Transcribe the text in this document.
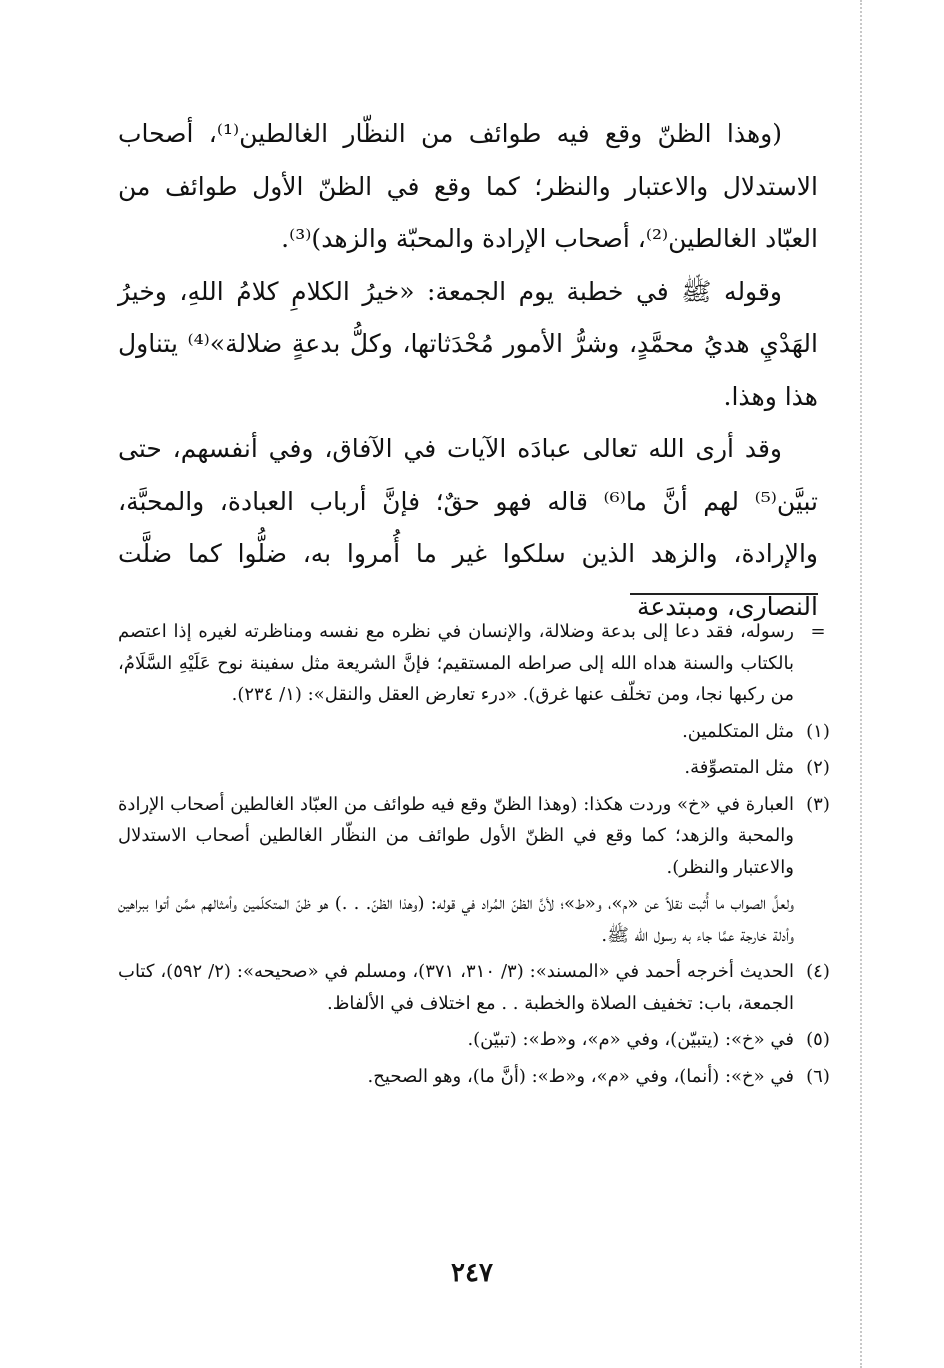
(وهذا الظنّ وقع فيه طوائف من النظّار الغالطين⁽¹⁾، أصحاب الاستدلال والاعتبار والنظر؛ كما وقع في الظنّ الأول طوائف من العبّاد الغالطين⁽²⁾، أصحاب الإرادة والمحبّة والزهد)⁽³⁾.

وقوله ﷺ في خطبة يوم الجمعة: «خيرُ الكلامِ كلامُ اللهِ، وخيرُ الهَدْيِ هديُ محمَّدٍ، وشرُّ الأمور مُحْدَثاتها، وكلُّ بدعةٍ ضلالة»⁽⁴⁾ يتناول هذا وهذا.

وقد أرى الله تعالى عبادَه الآيات في الآفاق، وفي أنفسهم، حتى تبيَّن⁽⁵⁾ لهم أنَّ ما⁽⁶⁾ قاله فهو حقٌ؛ فإنَّ أرباب العبادة، والمحبَّة، والإرادة، والزهد الذين سلكوا غير ما أُمروا به، ضلُّوا كما ضلَّت النصارى، ومبتدعة

=
رسوله، فقد دعا إلى بدعة وضلالة، والإنسان في نظره مع نفسه ومناظرته لغيره إذا اعتصم بالكتاب والسنة هداه الله إلى صراطه المستقيم؛ فإنَّ الشريعة مثل سفينة نوح عَلَيْهِ السَّلَامُ، من ركبها نجا، ومن تخلّف عنها غرق). «درء تعارض العقل والنقل»: (١/ ٢٣٤).
(١)
مثل المتكلمين.
(٢)
مثل المتصوِّفة.
(٣)
العبارة في «خ» وردت هكذا: (وهذا الظنّ وقع فيه طوائف من العبّاد الغالطين أصحاب الإرادة والمحبة والزهد؛ كما وقع في الظنّ الأول طوائف من النظّار الغالطين أصحاب الاستدلال والاعتبار والنظر).
ولعلَّ الصواب ما أُثبت نقلاً عن «م»، و«ط»؛ لأنَّ الظنّ المُراد في قوله: (وهذا الظنّ. . .) هو ظنّ المتكلّمين وأمثالهم ممَّن أتوا ببراهين وأدلة خارجة عمَّا جاء به رسول الله ﷺ.
(٤)
الحديث أخرجه أحمد في «المسند»: (٣/ ٣١٠، ٣٧١)، ومسلم في «صحيحه»: (٢/ ٥٩٢)، كتاب الجمعة، باب: تخفيف الصلاة والخطبة . . مع اختلاف في الألفاظ.
(٥)
في «خ»: (يتبيّن)، وفي «م»، و«ط»: (تبيّن).
(٦)
في «خ»: (أنما)، وفي «م»، و«ط»: (أنَّ ما)، وهو الصحيح.
٢٤٧
